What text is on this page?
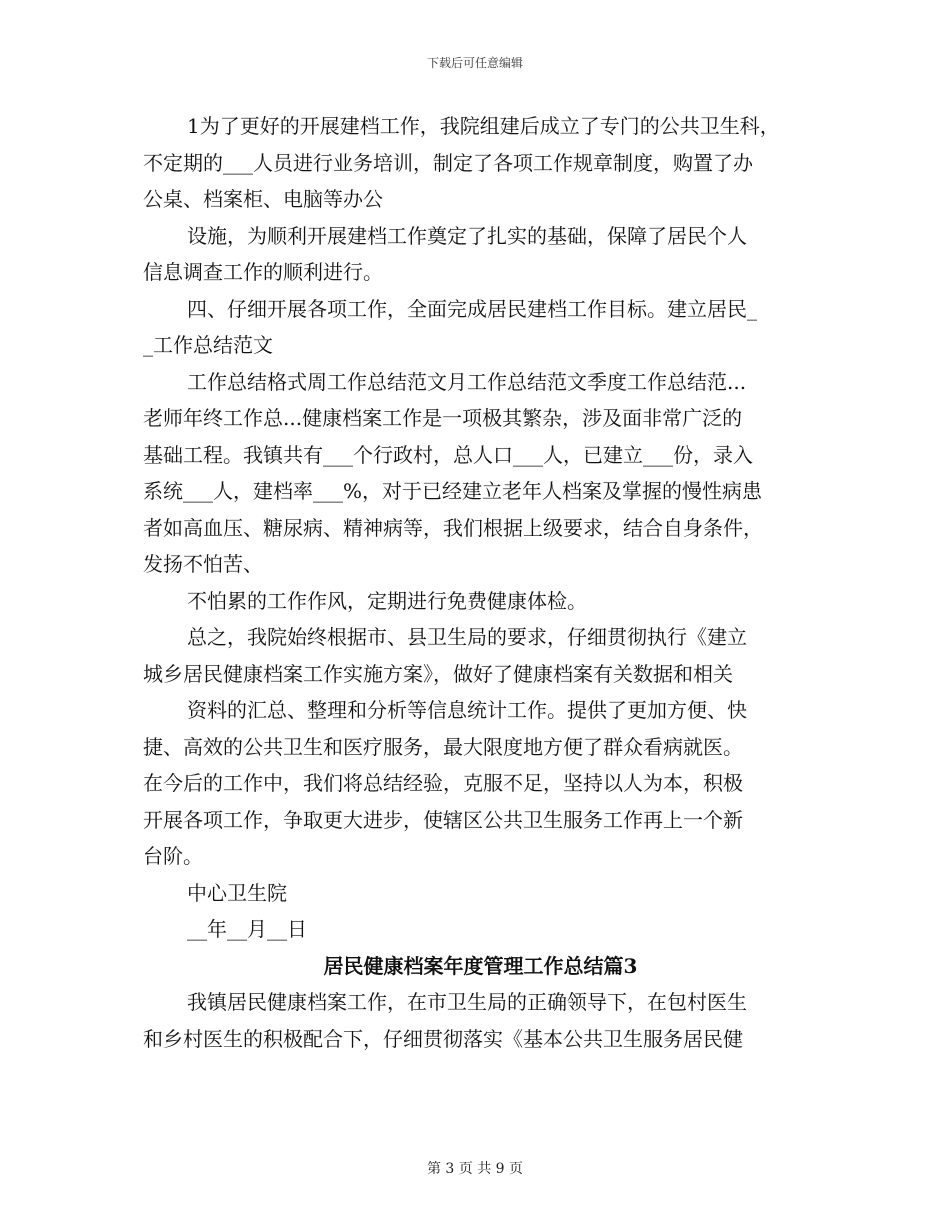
下载后可任意编辑
1为了更好的开展建档工作，我院组建后成立了专门的公共卫生科，
不定期的___人员进行业务培训，制定了各项工作规章制度，购置了办
公桌、档案柜、电脑等办公
设施，为顺利开展建档工作奠定了扎实的基础，保障了居民个人
信息调查工作的顺利进行。
四、仔细开展各项工作，全面完成居民建档工作目标。建立居民_
_工作总结范文
工作总结格式周工作总结范文月工作总结范文季度工作总结范...
老师年终工作总...健康档案工作是一项极其繁杂，涉及面非常广泛的
基础工程。我镇共有___个行政村，总人口___人，已建立___份，录入
系统___人，建档率___%，对于已经建立老年人档案及掌握的慢性病患
者如高血压、糖尿病、精神病等，我们根据上级要求，结合自身条件，
发扬不怕苦、
不怕累的工作作风，定期进行免费健康体检。
总之，我院始终根据市、县卫生局的要求，仔细贯彻执行《建立
城乡居民健康档案工作实施方案》，做好了健康档案有关数据和相关
资料的汇总、整理和分析等信息统计工作。提供了更加方便、快
捷、高效的公共卫生和医疗服务，最大限度地方便了群众看病就医。
在今后的工作中，我们将总结经验，克服不足，坚持以人为本，积极
开展各项工作，争取更大进步，使辖区公共卫生服务工作再上一个新
台阶。
中心卫生院
__年__月__日
居民健康档案年度管理工作总结篇3
我镇居民健康档案工作，在市卫生局的正确领导下，在包村医生
和乡村医生的积极配合下，仔细贯彻落实《基本公共卫生服务居民健
第 3 页 共 9 页
